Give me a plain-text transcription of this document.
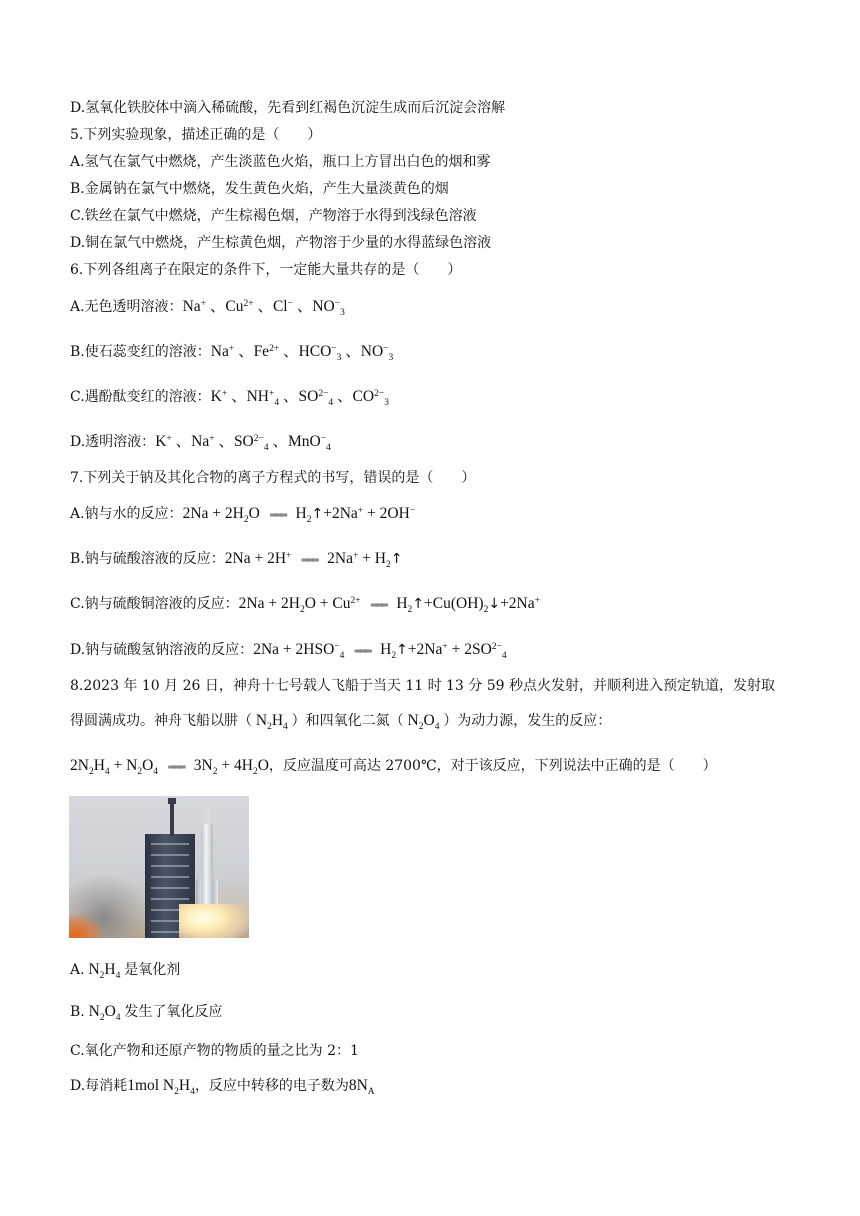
D.氢氧化铁胶体中滴入稀硫酸，先看到红褐色沉淀生成而后沉淀会溶解
5.下列实验现象，描述正确的是（　　）
A.氢气在氯气中燃烧，产生淡蓝色火焰，瓶口上方冒出白色的烟和雾
B.金属钠在氯气中燃烧，发生黄色火焰，产生大量淡黄色的烟
C.铁丝在氯气中燃烧，产生棕褐色烟，产物溶于水得到浅绿色溶液
D.铜在氯气中燃烧，产生棕黄色烟，产物溶于少量的水得蓝绿色溶液
6.下列各组离子在限定的条件下，一定能大量共存的是（　　）
A.无色透明溶液：Na+ 、$Cu^{2+}$ 、Cl− 、$NO^-_3$
B.使石蕊变红的溶液：Na+ 、$Fe^{2+}$ 、$HCO^-_3$ 、$NO^-_3$
C.遇酚酞变红的溶液：K+ 、$NH^+_4$ 、$SO^{2-}_4$ 、$CO^{2-}_3$
D.透明溶液：K+ 、Na+ 、$SO^{2-}_4$ 、MnO−$_4$
7.下列关于钠及其化合物的离子方程式的书写，错误的是（　　）
A.钠与水的反应：$2Na + 2H_2O$ ═══ $H_2↑+2Na^+ + 2OH^-$
B.钠与硫酸溶液的反应：2Na + 2H+ ═══ $2Na^+ + H_2↑$
C.钠与硫酸铜溶液的反应：$2Na + 2H_2O + Cu^{2+}$ ═══ $H_2↑+Cu(OH)_2↓+2Na^+$
D.钠与硫酸氢钠溶液的反应：$2Na + 2HSO^-_4$ ═══ $H_2↑+2Na^+ + 2SO^{2-}_4$
8.2023 年 10 月 26 日，神舟十七号载人飞船于当天 11 时 13 分 59 秒点火发射，并顺利进入预定轨道，发射取
得圆满成功。神舟飞船以肼（ $N_2H_4$ ）和四氧化二氮（ $N_2O_4$ ）为动力源，发生的反应：
$2N_2H_4 + N_2O_4$ ═══ $3N_2 + 4H_2O$，反应温度可高达 2700℃，对于该反应，下列说法中正确的是（　　）
A. $N_2H_4$ 是氧化剂
B. $N_2O_4$ 发生了氧化反应
C.氧化产物和还原产物的物质的量之比为 2：1
D.每消耗1mol $N_2H_4$，反应中转移的电子数为$8N_A$
